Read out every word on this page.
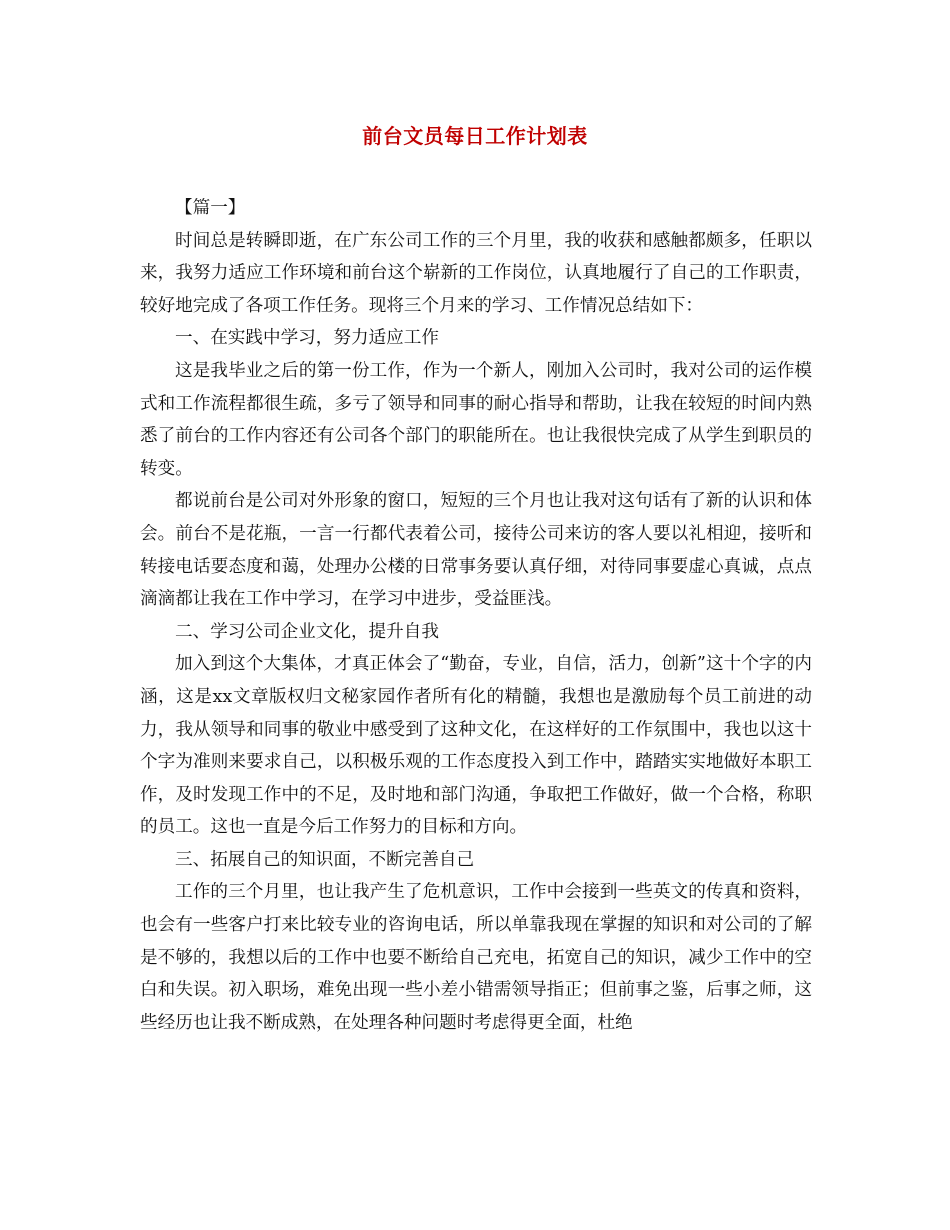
前台文员每日工作计划表

【篇一】

时间总是转瞬即逝，在广东公司工作的三个月里，我的收获和感触都颇多，任职以来，我努力适应工作环境和前台这个崭新的工作岗位，认真地履行了自己的工作职责，较好地完成了各项工作任务。现将三个月来的学习、工作情况总结如下：

一、在实践中学习，努力适应工作

这是我毕业之后的第一份工作，作为一个新人，刚加入公司时，我对公司的运作模式和工作流程都很生疏，多亏了领导和同事的耐心指导和帮助，让我在较短的时间内熟悉了前台的工作内容还有公司各个部门的职能所在。也让我很快完成了从学生到职员的转变。

都说前台是公司对外形象的窗口，短短的三个月也让我对这句话有了新的认识和体会。前台不是花瓶，一言一行都代表着公司，接待公司来访的客人要以礼相迎，接听和转接电话要态度和蔼，处理办公楼的日常事务要认真仔细，对待同事要虚心真诚，点点滴滴都让我在工作中学习，在学习中进步，受益匪浅。

二、学习公司企业文化，提升自我

加入到这个大集体，才真正体会了“勤奋，专业，自信，活力，创新”这十个字的内涵，这是xx文章版权归文秘家园作者所有化的精髓，我想也是激励每个员工前进的动力，我从领导和同事的敬业中感受到了这种文化，在这样好的工作氛围中，我也以这十个字为准则来要求自己，以积极乐观的工作态度投入到工作中，踏踏实实地做好本职工作，及时发现工作中的不足，及时地和部门沟通，争取把工作做好，做一个合格，称职的员工。这也一直是今后工作努力的目标和方向。

三、拓展自己的知识面，不断完善自己

工作的三个月里，也让我产生了危机意识，工作中会接到一些英文的传真和资料，也会有一些客户打来比较专业的咨询电话，所以单靠我现在掌握的知识和对公司的了解是不够的，我想以后的工作中也要不断给自己充电，拓宽自己的知识，减少工作中的空白和失误。初入职场，难免出现一些小差小错需领导指正；但前事之鉴，后事之师，这些经历也让我不断成熟，在处理各种问题时考虑得更全面，杜绝
